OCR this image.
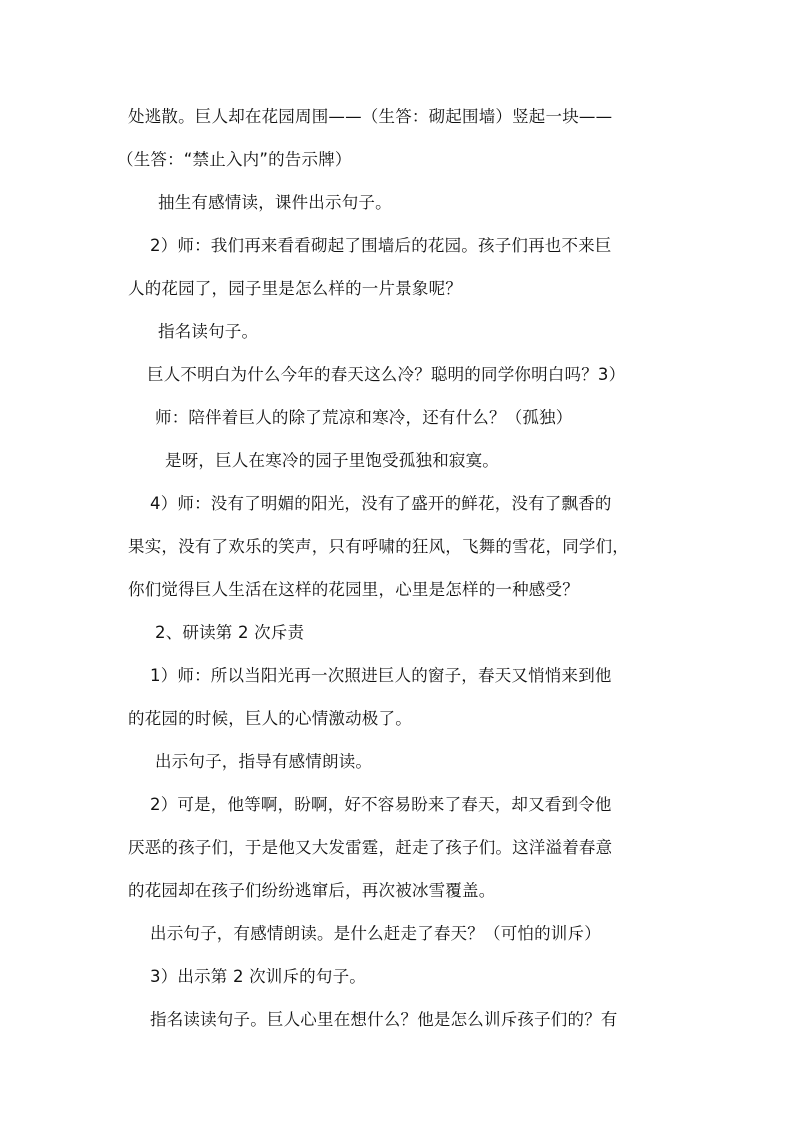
处逃散。巨人却在花园周围——（生答：砌起围墙）竖起一块——
（生答：“禁止入内”的告示牌）
抽生有感情读，课件出示句子。
2）师：我们再来看看砌起了围墙后的花园。孩子们再也不来巨
人的花园了，园子里是怎么样的一片景象呢？
指名读句子。
巨人不明白为什么今年的春天这么冷？聪明的同学你明白吗？3）
师：陪伴着巨人的除了荒凉和寒冷，还有什么？（孤独）
是呀，巨人在寒冷的园子里饱受孤独和寂寞。
4）师：没有了明媚的阳光，没有了盛开的鲜花，没有了飘香的
果实，没有了欢乐的笑声，只有呼啸的狂风，飞舞的雪花，同学们，
你们觉得巨人生活在这样的花园里，心里是怎样的一种感受？
2、研读第 2 次斥责
1）师：所以当阳光再一次照进巨人的窗子，春天又悄悄来到他
的花园的时候，巨人的心情激动极了。
出示句子，指导有感情朗读。
2）可是，他等啊，盼啊，好不容易盼来了春天，却又看到令他
厌恶的孩子们，于是他又大发雷霆，赶走了孩子们。这洋溢着春意
的花园却在孩子们纷纷逃窜后，再次被冰雪覆盖。
出示句子，有感情朗读。是什么赶走了春天？（可怕的训斥）
3）出示第 2 次训斥的句子。
指名读读句子。巨人心里在想什么？他是怎么训斥孩子们的？有
